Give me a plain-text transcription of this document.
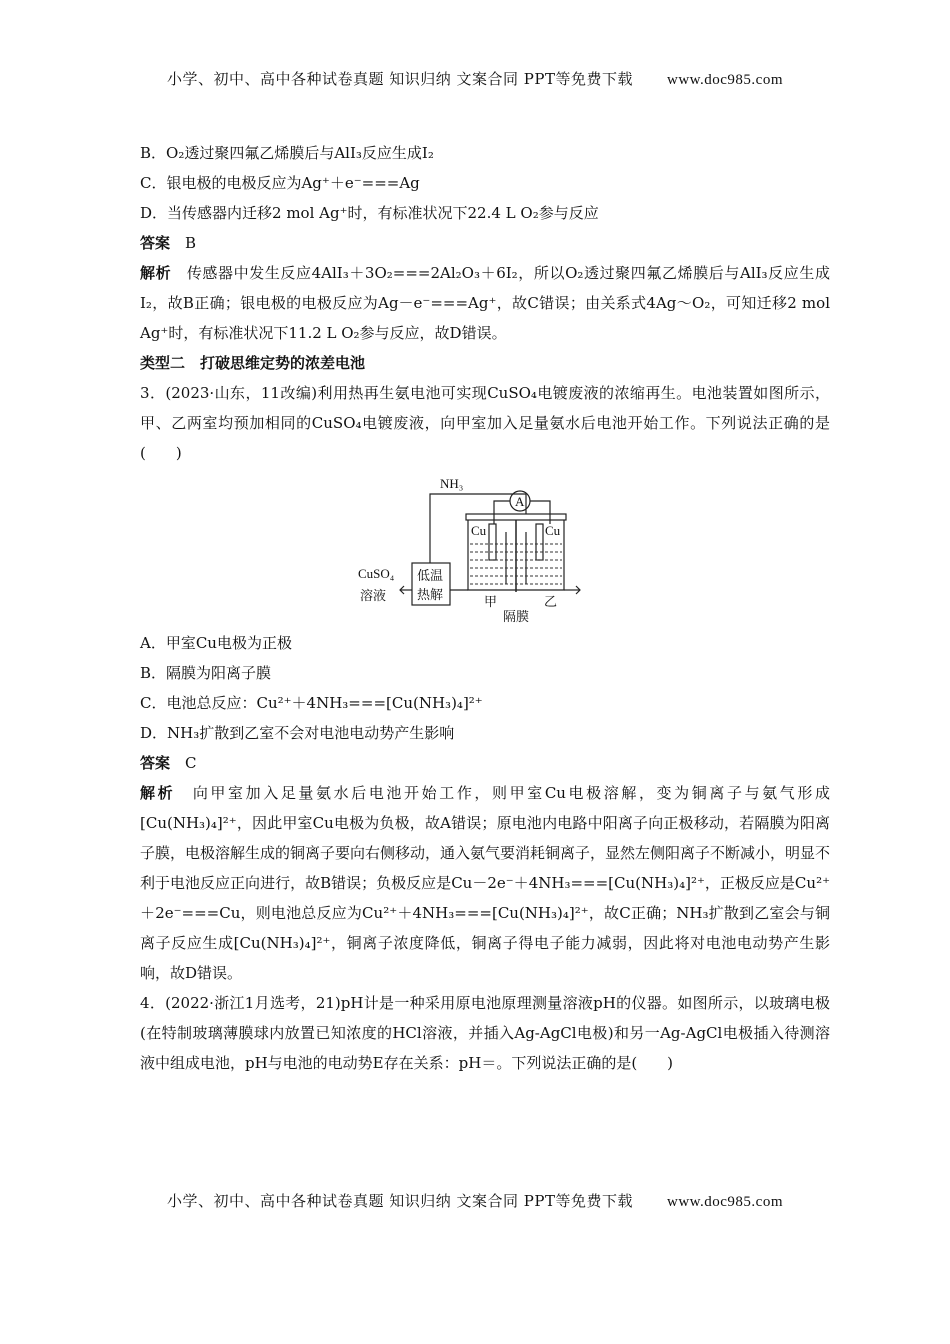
小学、初中、高中各种试卷真题 知识归纳 文案合同 PPT等免费下载 www.doc985.com

B．O₂透过聚四氟乙烯膜后与AlI₃反应生成I₂

C．银电极的电极反应为Ag⁺＋e⁻===Ag

D．当传感器内迁移2 mol Ag⁺时，有标准状况下22.4 L O₂参与反应

答案　 B

解析　 传感器中发生反应4AlI₃＋3O₂===2Al₂O₃＋6I₂，所以O₂透过聚四氟乙烯膜后与AlI₃反应生成I₂，故B正确；银电极的电极反应为Ag－e⁻===Ag⁺，故C错误；由关系式4Ag～O₂，可知迁移2 mol Ag⁺时，有标准状况下11.2 L O₂参与反应，故D错误。

类型二　打破思维定势的浓差电池

3．(2023·山东，11改编)利用热再生氨电池可实现CuSO₄电镀废液的浓缩再生。电池装置如图所示，甲、乙两室均预加相同的CuSO₄电镀废液，向甲室加入足量氨水后电池开始工作。下列说法正确的是(　　)

NH₃
A
Cu	Cu
CuSO₄
溶液
低温
热解	甲	乙
隔膜

A．甲室Cu电极为正极

B．隔膜为阳离子膜

C．电池总反应：Cu²⁺＋4NH₃===[Cu(NH₃)₄]²⁺

D．NH₃扩散到乙室不会对电池电动势产生影响

答案　 C

解析　 向甲室加入足量氨水后电池开始工作，则甲室Cu电极溶解，变为铜离子与氨气形成[Cu(NH₃)₄]²⁺，因此甲室Cu电极为负极，故A错误；原电池内电路中阳离子向正极移动，若隔膜为阳离子膜，电极溶解生成的铜离子要向右侧移动，通入氨气要消耗铜离子，显然左侧阳离子不断减小，明显不利于电池反应正向进行，故B错误；负极反应是Cu－2e⁻＋4NH₃===[Cu(NH₃)₄]²⁺，正极反应是Cu²⁺＋2e⁻===Cu，则电池总反应为Cu²⁺＋4NH₃===[Cu(NH₃)₄]²⁺，故C正确；NH₃扩散到乙室会与铜离子反应生成[Cu(NH₃)₄]²⁺，铜离子浓度降低，铜离子得电子能力减弱，因此将对电池电动势产生影响，故D错误。

4．(2022·浙江1月选考，21)pH计是一种采用原电池原理测量溶液pH的仪器。如图所示，以玻璃电极(在特制玻璃薄膜球内放置已知浓度的HCl溶液，并插入Ag-AgCl电极)和另一Ag-AgCl电极插入待测溶液中组成电池，pH与电池的电动势E存在关系：pH＝。下列说法正确的是(　　)

小学、初中、高中各种试卷真题 知识归纳 文案合同 PPT等免费下载 www.doc985.com
